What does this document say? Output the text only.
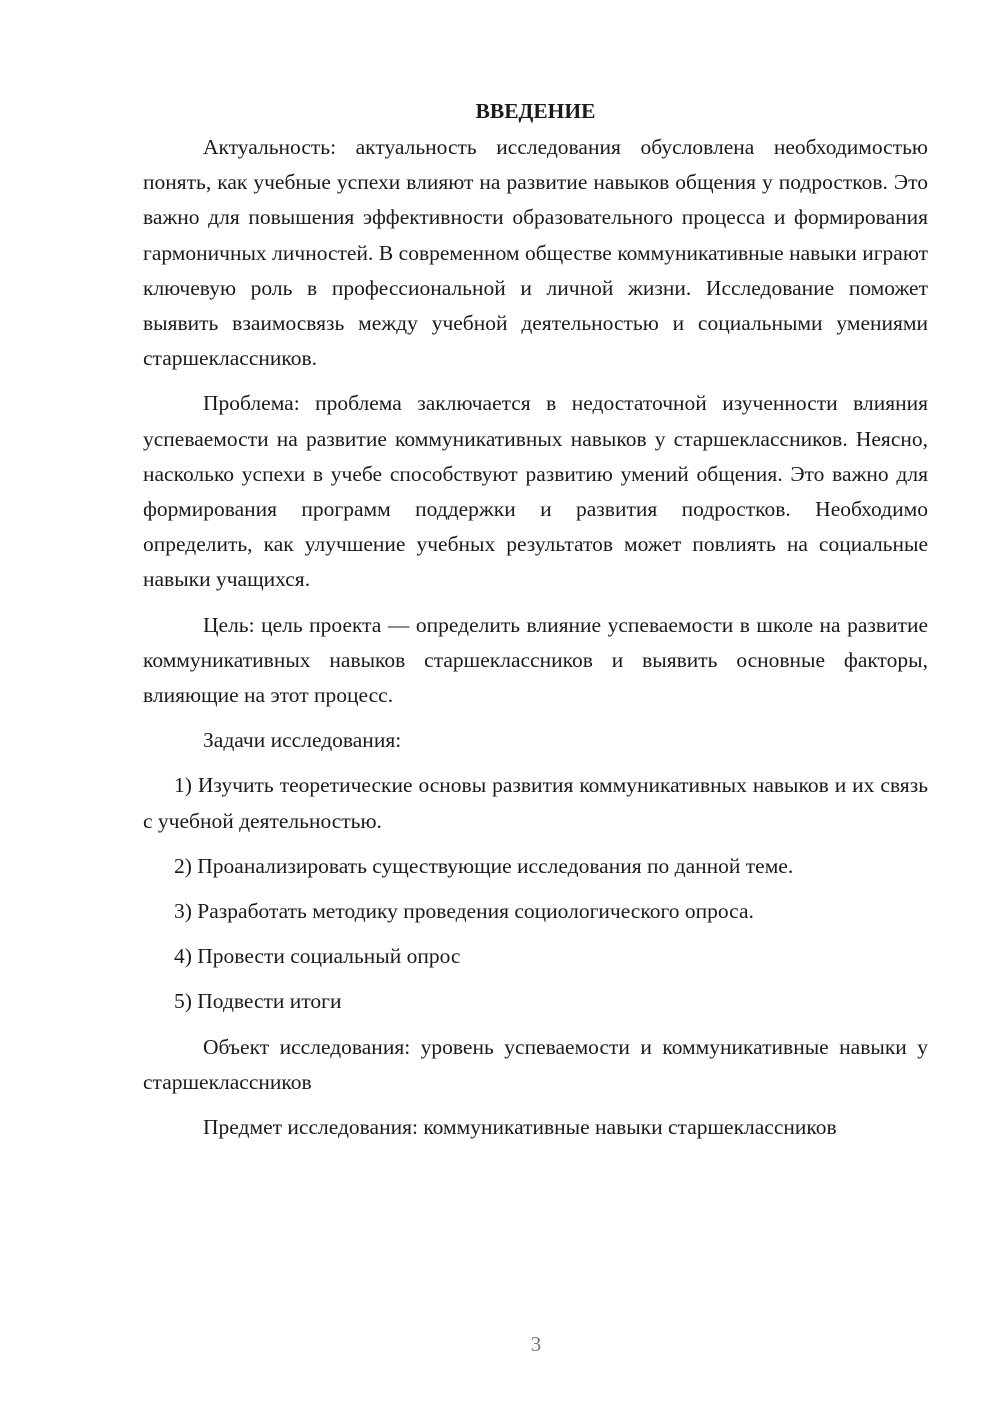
ВВЕДЕНИЕ

Актуальность: актуальность исследования обусловлена необходимостью понять, как учебные успехи влияют на развитие навыков общения у подростков. Это важно для повышения эффективности образовательного процесса и формирования гармоничных личностей. В современном обществе коммуникативные навыки играют ключевую роль в профессиональной и личной жизни. Исследование поможет выявить взаимосвязь между учебной деятельностью и социальными умениями старшеклассников.

Проблема: проблема заключается в недостаточной изученности влияния успеваемости на развитие коммуникативных навыков у старшеклассников. Неясно, насколько успехи в учебе способствуют развитию умений общения. Это важно для формирования программ поддержки и развития подростков. Необходимо определить, как улучшение учебных результатов может повлиять на социальные навыки учащихся.

Цель: цель проекта — определить влияние успеваемости в школе на развитие коммуникативных навыков старшеклассников и выявить основные факторы, влияющие на этот процесс.

Задачи исследования:

1) Изучить теоретические основы развития коммуникативных навыков и их связь с учебной деятельностью.

2) Проанализировать существующие исследования по данной теме.

3) Разработать методику проведения социологического опроса.

4) Провести социальный опрос

5) Подвести итоги

Объект исследования: уровень успеваемости и коммуникативные навыки у старшеклассников

Предмет исследования: коммуникативные навыки старшеклассников

3
